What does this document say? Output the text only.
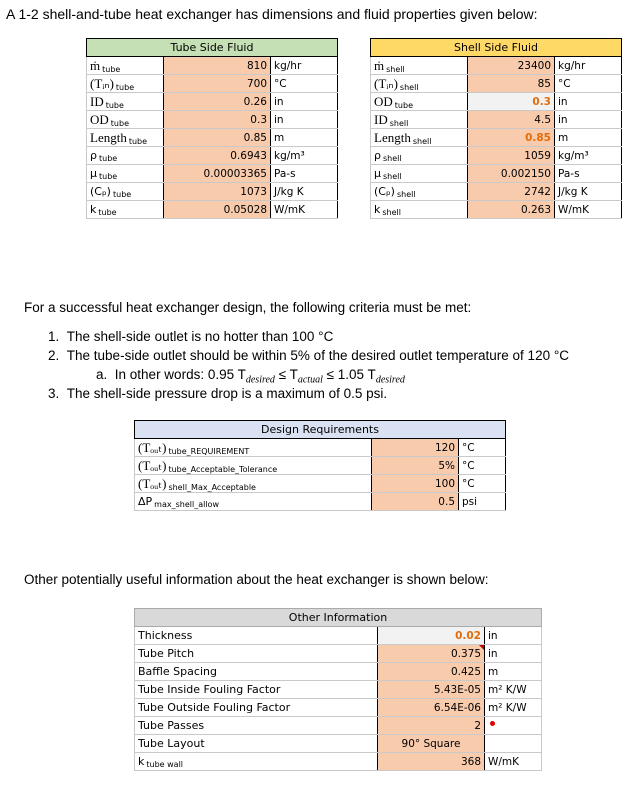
A 1-2 shell-and-tube heat exchanger has dimensions and fluid properties given below:
Tube Side Fluid		
ṁ $_{tube}$	810	kg/hr
(Tᵢₙ) $_{tube}$	700	°C
ID $_{tube}$	0.26	in
OD $_{tube}$	0.3	in
Length $_{tube}$	0.85	m
ρ $_{tube}$	0.6943	kg/m³
μ $_{tube}$	0.00003365	Pa-s
(Cₚ) $_{tube}$	1073	J/kg K
k $_{tube}$	0.05028	W/mK
Shell Side Fluid		
ṁ $_{shell}$	23400	kg/hr
(Tᵢₙ) $_{shell}$	85	°C
OD $_{tube}$	0.3	in
ID $_{shell}$	4.5	in
Length $_{shell}$	0.85	m
ρ $_{shell}$	1059	kg/m³
μ $_{shell}$	0.002150	Pa-s
(Cₚ) $_{shell}$	2742	J/kg K
k $_{shell}$	0.263	W/mK
For a successful heat exchanger design, the following criteria must be met:
1. The shell-side outlet is no hotter than 100 °C
2. The tube-side outlet should be within 5% of the desired outlet temperature of 120 °C
a. In other words: 0.95 $T_{desired} \le T_{actual} \le 1.05$ $T_{desired}$
3. The shell-side pressure drop is a maximum of 0.5 psi.
Design Requirements		
(Tₒᵤₜ) $_{tube\_REQUIREMENT}$	120	°C
(Tₒᵤₜ) $_{tube\_Acceptable\_Tolerance}$	5%	°C
(Tₒᵤₜ) $_{shell\_Max\_Acceptable}$	100	°C
ΔP $_{max\_shell\_allow}$	0.5	psi
Other potentially useful information about the heat exchanger is shown below:
Other Information		
Thickness	0.02	in
Tube Pitch	0.375	in
Baffle Spacing	0.425	m
Tube Inside Fouling Factor	5.43E-05	m² K/W
Tube Outside Fouling Factor	6.54E-06	m² K/W
Tube Passes	2	
Tube Layout	90° Square	
k $_{tube wall}$	368	W/mK
